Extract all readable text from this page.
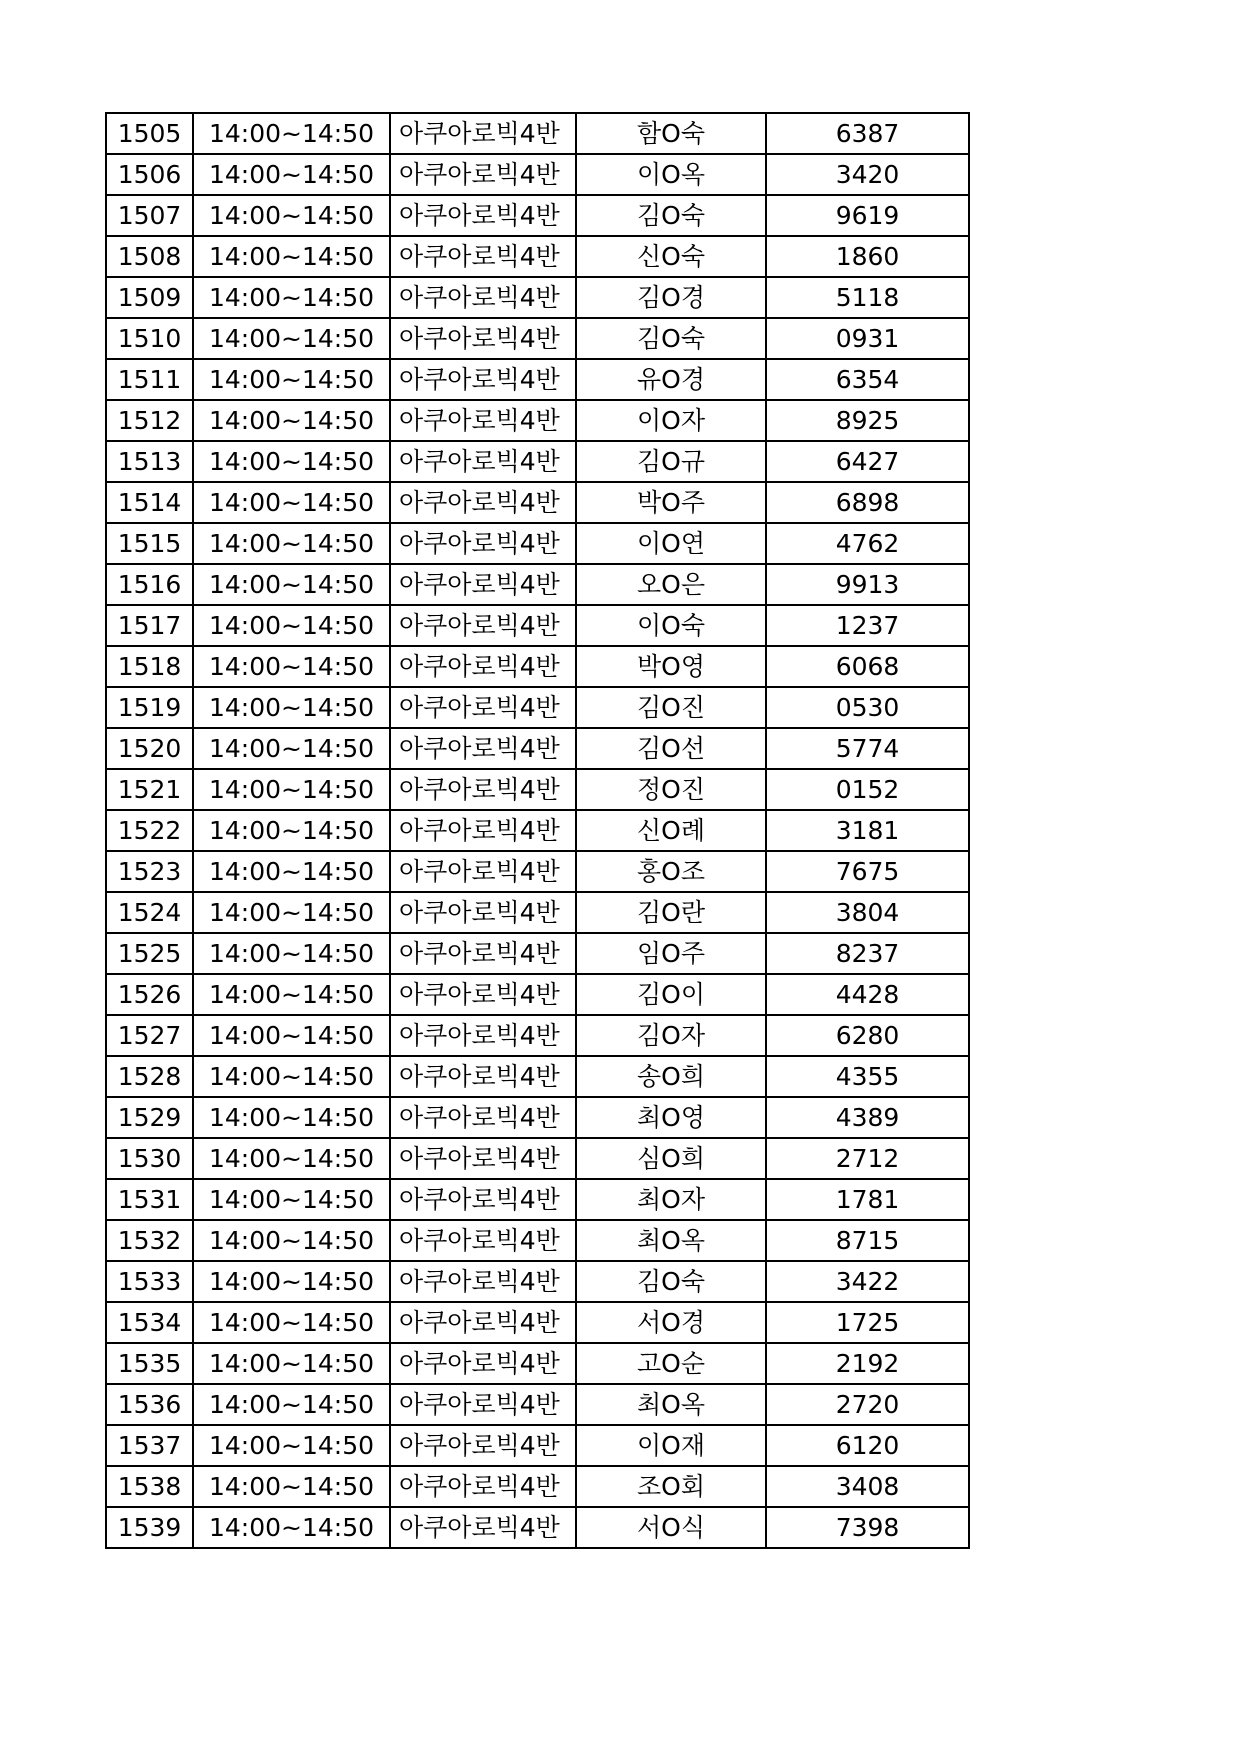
1505	14:00~14:50	아쿠아로빅4반	함O숙	6387
1506	14:00~14:50	아쿠아로빅4반	이O옥	3420
1507	14:00~14:50	아쿠아로빅4반	김O숙	9619
1508	14:00~14:50	아쿠아로빅4반	신O숙	1860
1509	14:00~14:50	아쿠아로빅4반	김O경	5118
1510	14:00~14:50	아쿠아로빅4반	김O숙	0931
1511	14:00~14:50	아쿠아로빅4반	유O경	6354
1512	14:00~14:50	아쿠아로빅4반	이O자	8925
1513	14:00~14:50	아쿠아로빅4반	김O규	6427
1514	14:00~14:50	아쿠아로빅4반	박O주	6898
1515	14:00~14:50	아쿠아로빅4반	이O연	4762
1516	14:00~14:50	아쿠아로빅4반	오O은	9913
1517	14:00~14:50	아쿠아로빅4반	이O숙	1237
1518	14:00~14:50	아쿠아로빅4반	박O영	6068
1519	14:00~14:50	아쿠아로빅4반	김O진	0530
1520	14:00~14:50	아쿠아로빅4반	김O선	5774
1521	14:00~14:50	아쿠아로빅4반	정O진	0152
1522	14:00~14:50	아쿠아로빅4반	신O례	3181
1523	14:00~14:50	아쿠아로빅4반	홍O조	7675
1524	14:00~14:50	아쿠아로빅4반	김O란	3804
1525	14:00~14:50	아쿠아로빅4반	임O주	8237
1526	14:00~14:50	아쿠아로빅4반	김O이	4428
1527	14:00~14:50	아쿠아로빅4반	김O자	6280
1528	14:00~14:50	아쿠아로빅4반	송O희	4355
1529	14:00~14:50	아쿠아로빅4반	최O영	4389
1530	14:00~14:50	아쿠아로빅4반	심O희	2712
1531	14:00~14:50	아쿠아로빅4반	최O자	1781
1532	14:00~14:50	아쿠아로빅4반	최O옥	8715
1533	14:00~14:50	아쿠아로빅4반	김O숙	3422
1534	14:00~14:50	아쿠아로빅4반	서O경	1725
1535	14:00~14:50	아쿠아로빅4반	고O순	2192
1536	14:00~14:50	아쿠아로빅4반	최O옥	2720
1537	14:00~14:50	아쿠아로빅4반	이O재	6120
1538	14:00~14:50	아쿠아로빅4반	조O회	3408
1539	14:00~14:50	아쿠아로빅4반	서O식	7398
